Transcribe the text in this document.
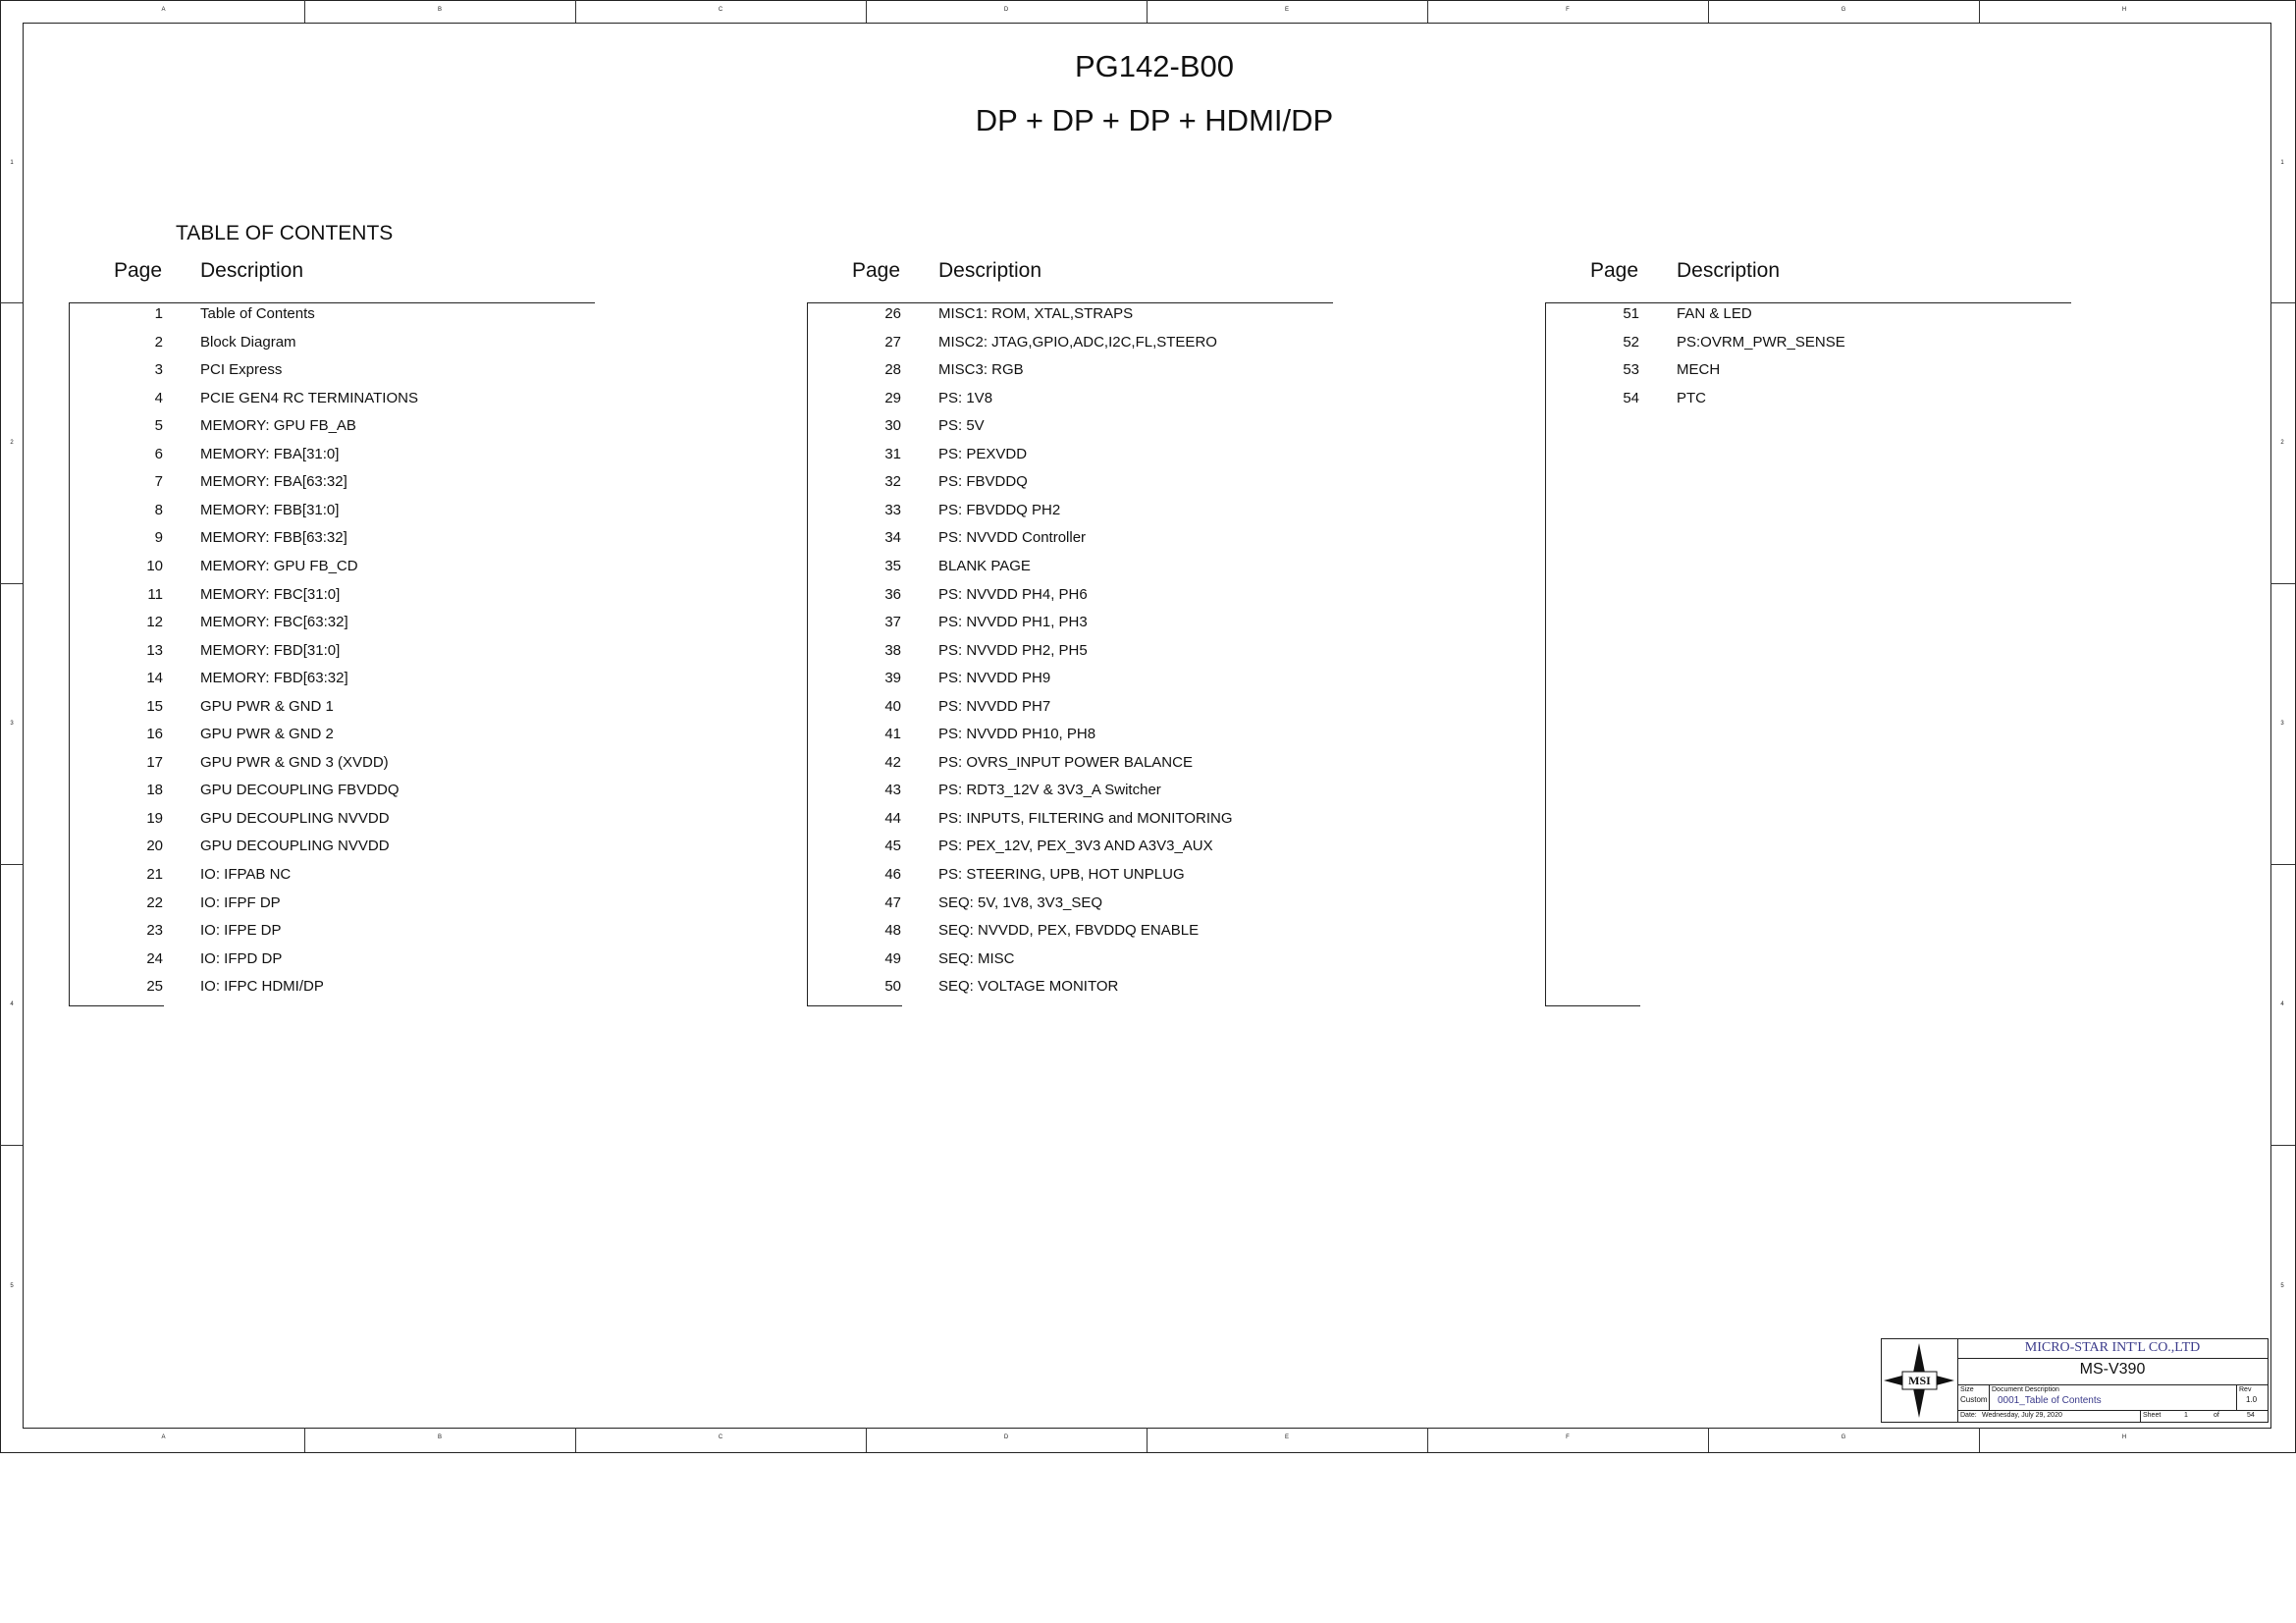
A
A
B
B
C
C
D
D
E
E
F
F
G
G
H
H
1	1
2	2
3	3
4	4
5	5
PG142-B00
DP + DP + DP + HDMI/DP
TABLE OF CONTENTS
Page Description
1	Table of Contents
2	Block Diagram
3	PCI Express
4	PCIE GEN4 RC TERMINATIONS
5	MEMORY: GPU FB_AB
6	MEMORY: FBA[31:0]
7	MEMORY: FBA[63:32]
8	MEMORY: FBB[31:0]
9	MEMORY: FBB[63:32]
10	MEMORY: GPU FB_CD
11	MEMORY: FBC[31:0]
12	MEMORY: FBC[63:32]
13	MEMORY: FBD[31:0]
14	MEMORY: FBD[63:32]
15	GPU PWR & GND 1
16	GPU PWR & GND 2
17	GPU PWR & GND 3 (XVDD)
18	GPU DECOUPLING FBVDDQ
19	GPU DECOUPLING NVVDD
20	GPU DECOUPLING NVVDD
21	IO: IFPAB NC
22	IO: IFPF DP
23	IO: IFPE DP
24	IO: IFPD DP
25	IO: IFPC HDMI/DP
Page Description
26	MISC1: ROM, XTAL,STRAPS
27	MISC2: JTAG,GPIO,ADC,I2C,FL,STEERO
28	MISC3: RGB
29	PS: 1V8
30	PS: 5V
31	PS: PEXVDD
32	PS: FBVDDQ
33	PS: FBVDDQ PH2
34	PS: NVVDD Controller
35	BLANK PAGE
36	PS: NVVDD PH4, PH6
37	PS: NVVDD PH1, PH3
38	PS: NVVDD PH2, PH5
39	PS: NVVDD PH9
40	PS: NVVDD PH7
41	PS: NVVDD PH10, PH8
42	PS: OVRS_INPUT POWER BALANCE
43	PS: RDT3_12V & 3V3_A Switcher
44	PS: INPUTS, FILTERING and MONITORING
45	PS: PEX_12V, PEX_3V3 AND A3V3_AUX
46	PS: STEERING, UPB, HOT UNPLUG
47	SEQ: 5V, 1V8, 3V3_SEQ
48	SEQ: NVVDD, PEX, FBVDDQ ENABLE
49	SEQ: MISC
50	SEQ: VOLTAGE MONITOR
Page Description
51	FAN & LED
52	PS:OVRM_PWR_SENSE
53	MECH
54	PTC
MSI
MICRO-STAR INT'L CO.,LTD
MS-V390
Size
Custom
Document Description
0001_Table of Contents
Rev
1.0
Date: Wednesday, July 29, 2020	Sheet	1	of	54
